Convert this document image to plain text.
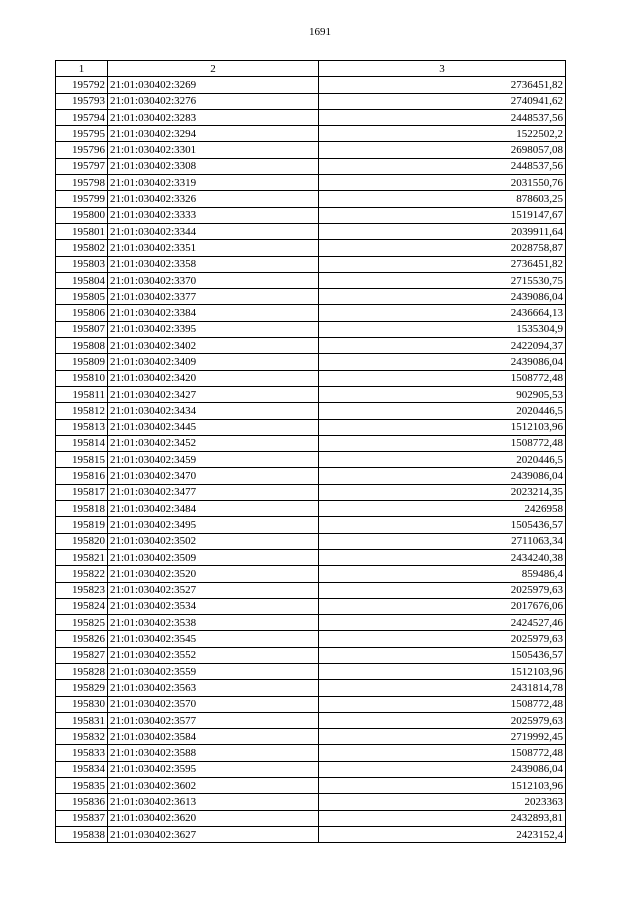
1691
1	2	3
195792	21:01:030402:3269	2736451,82
195793	21:01:030402:3276	2740941,62
195794	21:01:030402:3283	2448537,56
195795	21:01:030402:3294	1522502,2
195796	21:01:030402:3301	2698057,08
195797	21:01:030402:3308	2448537,56
195798	21:01:030402:3319	2031550,76
195799	21:01:030402:3326	878603,25
195800	21:01:030402:3333	1519147,67
195801	21:01:030402:3344	2039911,64
195802	21:01:030402:3351	2028758,87
195803	21:01:030402:3358	2736451,82
195804	21:01:030402:3370	2715530,75
195805	21:01:030402:3377	2439086,04
195806	21:01:030402:3384	2436664,13
195807	21:01:030402:3395	1535304,9
195808	21:01:030402:3402	2422094,37
195809	21:01:030402:3409	2439086,04
195810	21:01:030402:3420	1508772,48
195811	21:01:030402:3427	902905,53
195812	21:01:030402:3434	2020446,5
195813	21:01:030402:3445	1512103,96
195814	21:01:030402:3452	1508772,48
195815	21:01:030402:3459	2020446,5
195816	21:01:030402:3470	2439086,04
195817	21:01:030402:3477	2023214,35
195818	21:01:030402:3484	2426958
195819	21:01:030402:3495	1505436,57
195820	21:01:030402:3502	2711063,34
195821	21:01:030402:3509	2434240,38
195822	21:01:030402:3520	859486,4
195823	21:01:030402:3527	2025979,63
195824	21:01:030402:3534	2017676,06
195825	21:01:030402:3538	2424527,46
195826	21:01:030402:3545	2025979,63
195827	21:01:030402:3552	1505436,57
195828	21:01:030402:3559	1512103,96
195829	21:01:030402:3563	2431814,78
195830	21:01:030402:3570	1508772,48
195831	21:01:030402:3577	2025979,63
195832	21:01:030402:3584	2719992,45
195833	21:01:030402:3588	1508772,48
195834	21:01:030402:3595	2439086,04
195835	21:01:030402:3602	1512103,96
195836	21:01:030402:3613	2023363
195837	21:01:030402:3620	2432893,81
195838	21:01:030402:3627	2423152,4
